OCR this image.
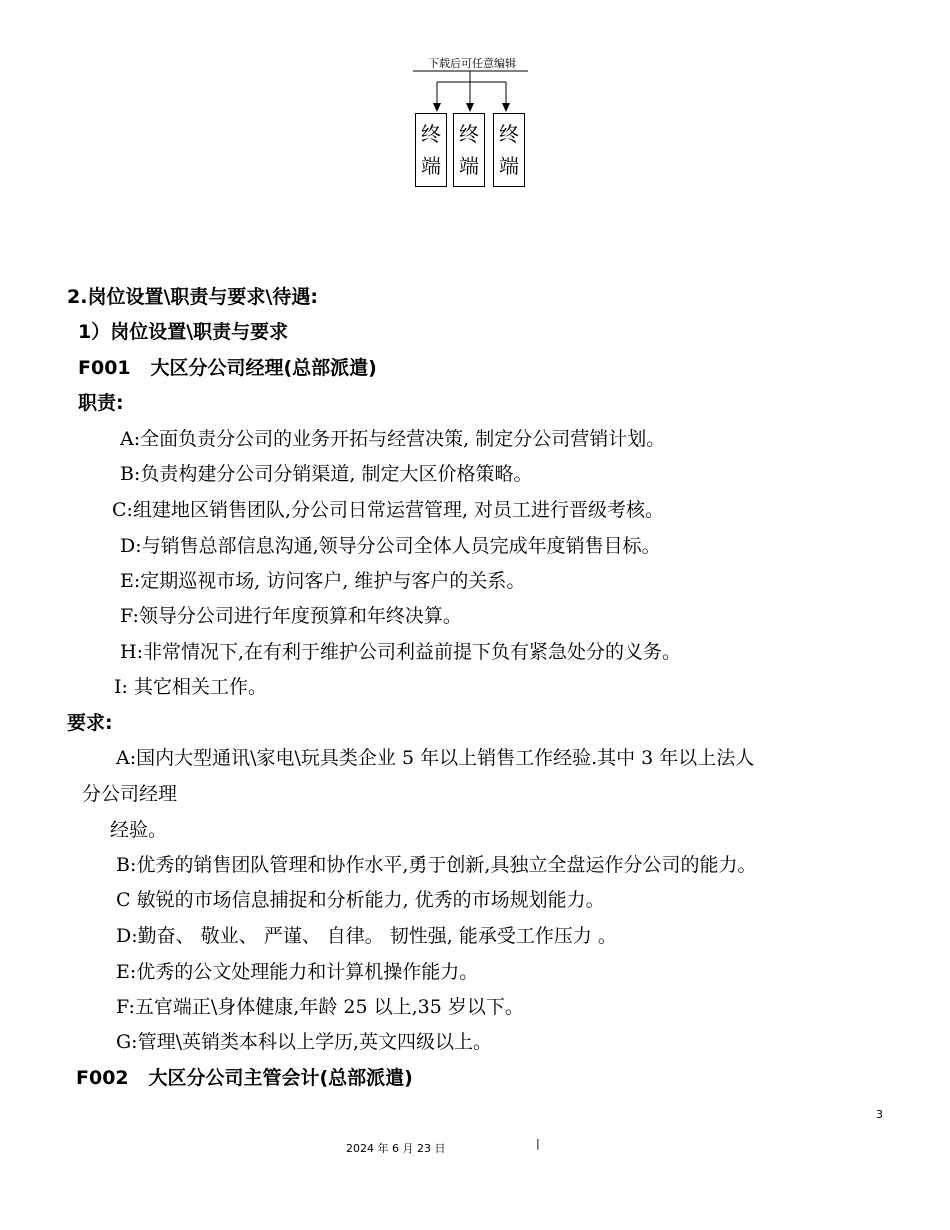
下载后可任意编辑
终
端
终
端
终
端
2.岗位设置\职责与要求\待遇:
1）岗位设置\职责与要求
F001   大区分公司经理(总部派遣)
职责:
A:全面负责分公司的业务开拓与经营决策, 制定分公司营销计划。
B:负责构建分公司分销渠道, 制定大区价格策略。
C:组建地区销售团队,分公司日常运营管理, 对员工进行晋级考核。
D:与销售总部信息沟通,领导分公司全体人员完成年度销售目标。
E:定期巡视市场, 访问客户, 维护与客户的关系。
F:领导分公司进行年度预算和年终决算。
H:非常情况下,在有利于维护公司利益前提下负有紧急处分的义务。
I: 其它相关工作。
要求:
A:国内大型通讯\家电\玩具类企业 5 年以上销售工作经验.其中 3 年以上法人
分公司经理
经验。
B:优秀的销售团队管理和协作水平,勇于创新,具独立全盘运作分公司的能力。
C 敏锐的市场信息捕捉和分析能力, 优秀的市场规划能力。
D:勤奋、 敬业、 严谨、 自律。 韧性强, 能承受工作压力 。
E:优秀的公文处理能力和计算机操作能力。
F:五官端正\身体健康,年龄 25 以上,35 岁以下。
G:管理\英销类本科以上学历,英文四级以上。
F002   大区分公司主管会计(总部派遣)
3
2024 年 6 月 23 日	|
